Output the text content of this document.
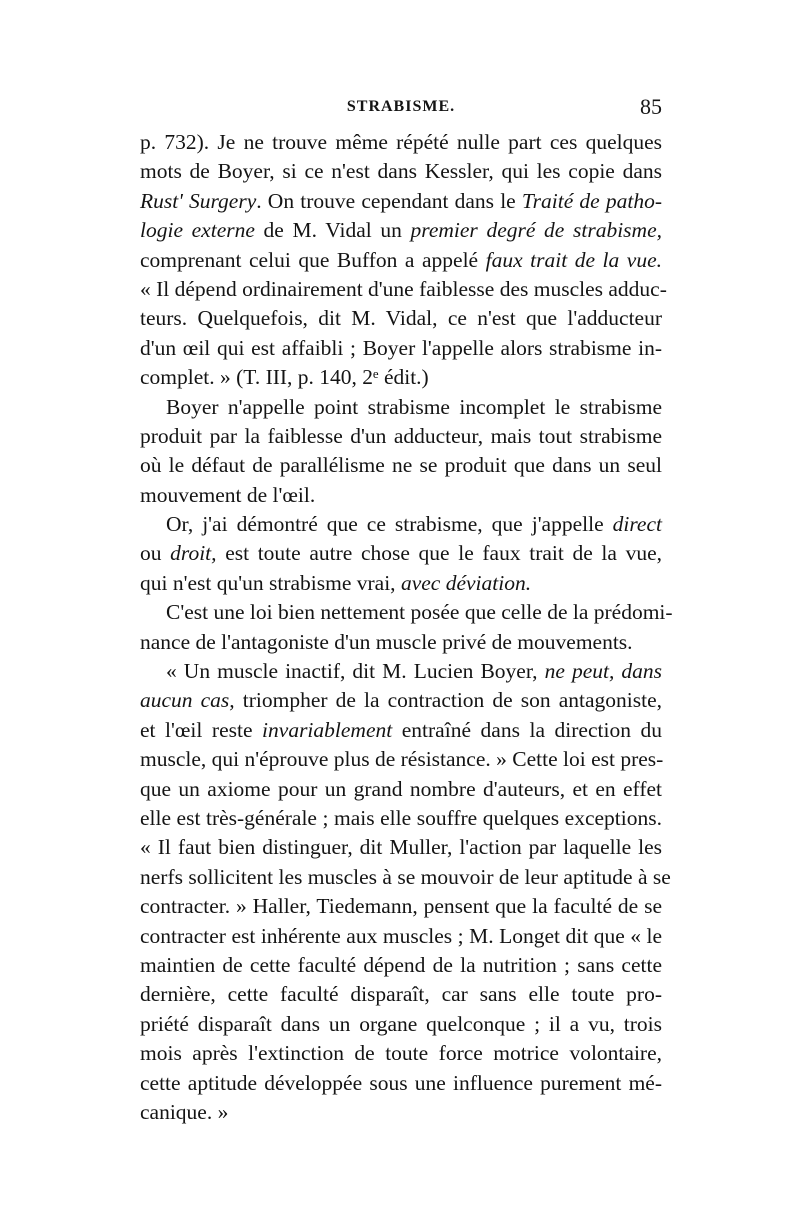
STRABISME.	85
p. 732). Je ne trouve même répété nulle part ces quelques
mots de Boyer, si ce n'est dans Kessler, qui les copie dans
Rust' Surgery. On trouve cependant dans le Traité de patho-
logie externe de M. Vidal un premier degré de strabisme,
comprenant celui que Buffon a appelé faux trait de la vue.
« Il dépend ordinairement d'une faiblesse des muscles adduc-
teurs. Quelquefois, dit M. Vidal, ce n'est que l'adducteur
d'un œil qui est affaibli ; Boyer l'appelle alors strabisme in-
complet. » (T. III, p. 140, 2ᵉ édit.)
Boyer n'appelle point strabisme incomplet le strabisme
produit par la faiblesse d'un adducteur, mais tout strabisme
où le défaut de parallélisme ne se produit que dans un seul
mouvement de l'œil.
Or, j'ai démontré que ce strabisme, que j'appelle direct
ou droit, est toute autre chose que le faux trait de la vue,
qui n'est qu'un strabisme vrai, avec déviation.
C'est une loi bien nettement posée que celle de la prédomi-
nance de l'antagoniste d'un muscle privé de mouvements.
« Un muscle inactif, dit M. Lucien Boyer, ne peut, dans
aucun cas, triompher de la contraction de son antagoniste,
et l'œil reste invariablement entraîné dans la direction du
muscle, qui n'éprouve plus de résistance. » Cette loi est pres-
que un axiome pour un grand nombre d'auteurs, et en effet
elle est très-générale ; mais elle souffre quelques exceptions.
« Il faut bien distinguer, dit Muller, l'action par laquelle les
nerfs sollicitent les muscles à se mouvoir de leur aptitude à se
contracter. » Haller, Tiedemann, pensent que la faculté de se
contracter est inhérente aux muscles ; M. Longet dit que « le
maintien de cette faculté dépend de la nutrition ; sans cette
dernière, cette faculté disparaît, car sans elle toute pro-
priété disparaît dans un organe quelconque ; il a vu, trois
mois après l'extinction de toute force motrice volontaire,
cette aptitude développée sous une influence purement mé-
canique. »
